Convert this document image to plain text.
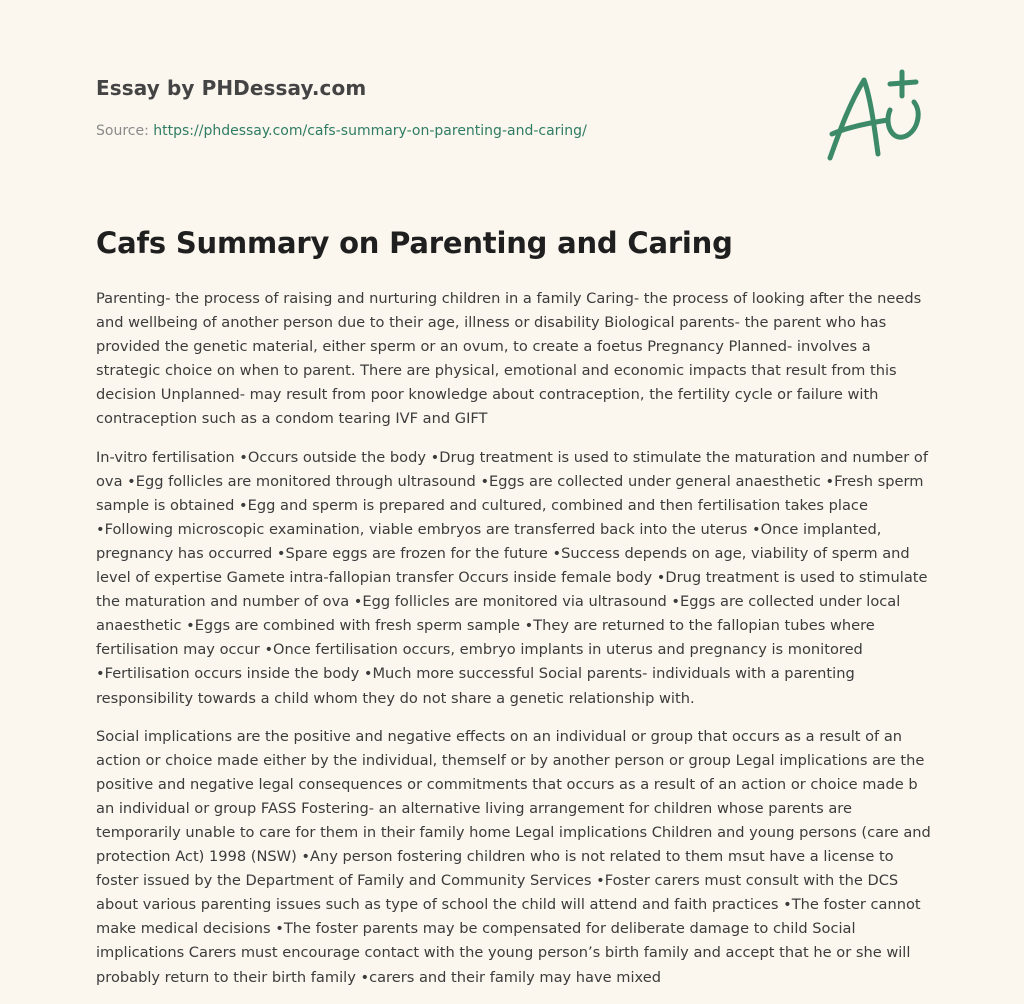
Essay by PHDessay.com
Source: https://phdessay.com/cafs-summary-on-parenting-and-caring/
Cafs Summary on Parenting and Caring

Parenting- the process of raising and nurturing children in a family Caring- the process of looking after the needs and wellbeing of another person due to their age, illness or disability Biological parents- the parent who has provided the genetic material, either sperm or an ovum, to create a foetus Pregnancy Planned- involves a strategic choice on when to parent. There are physical, emotional and economic impacts that result from this decision Unplanned- may result from poor knowledge about contraception, the fertility cycle or failure with contraception such as a condom tearing IVF and GIFT

In-vitro fertilisation •Occurs outside the body •Drug treatment is used to stimulate the maturation and number of ova •Egg follicles are monitored through ultrasound •Eggs are collected under general anaesthetic •Fresh sperm sample is obtained •Egg and sperm is prepared and cultured, combined and then fertilisation takes place •Following microscopic examination, viable embryos are transferred back into the uterus •Once implanted, pregnancy has occurred •Spare eggs are frozen for the future •Success depends on age, viability of sperm and level of expertise Gamete intra-fallopian transfer Occurs inside female body •Drug treatment is used to stimulate the maturation and number of ova •Egg follicles are monitored via ultrasound •Eggs are collected under local anaesthetic •Eggs are combined with fresh sperm sample •They are returned to the fallopian tubes where fertilisation may occur •Once fertilisation occurs, embryo implants in uterus and pregnancy is monitored •Fertilisation occurs inside the body •Much more successful Social parents- individuals with a parenting responsibility towards a child whom they do not share a genetic relationship with.

Social implications are the positive and negative effects on an individual or group that occurs as a result of an action or choice made either by the individual, themself or by another person or group Legal implications are the positive and negative legal consequences or commitments that occurs as a result of an action or choice made b an individual or group FASS Fostering- an alternative living arrangement for children whose parents are temporarily unable to care for them in their family home Legal implications Children and young persons (care and protection Act) 1998 (NSW) •Any person fostering children who is not related to them msut have a license to foster issued by the Department of Family and Community Services •Foster carers must consult with the DCS about various parenting issues such as type of school the child will attend and faith practices •The foster cannot make medical decisions •The foster parents may be compensated for deliberate damage to child Social implications Carers must encourage contact with the young person’s birth family and accept that he or she will probably return to their birth family •carers and their family may have mixed
